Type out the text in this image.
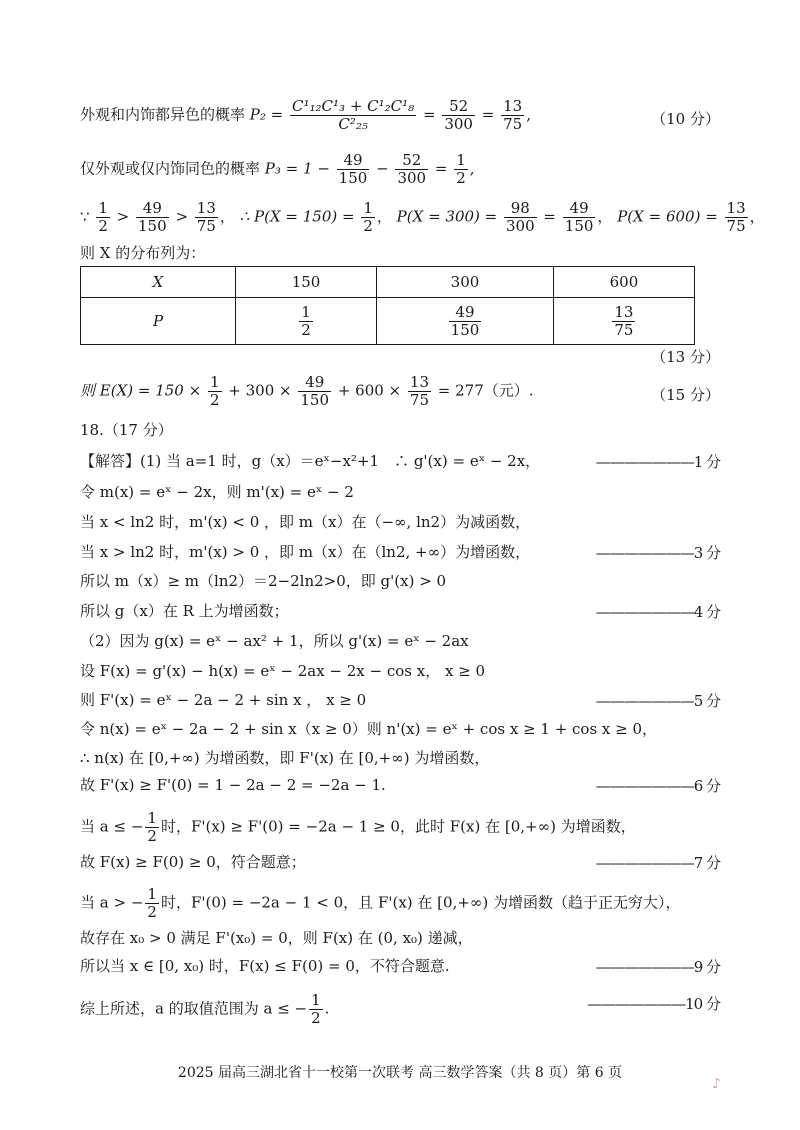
外观和内饰都异色的概率 $P_2 = \frac{\text{C¹₁₂C¹₃ + C¹₂C¹₈}}{\text{C²₂₅}} = \frac{52}{300} = \frac{13}{75}$ ,	（10 分）
仅外观或仅内饰同色的概率 $P_3 = 1 - \frac{49}{150} - \frac{52}{300} = \frac{1}{2}$ ,
∵ $\frac{1}{2} > \frac{49}{150} > \frac{13}{75}$ ， ∴ $P(X = 150) = \frac{1}{2}$ ， $P(X = 300) = \frac{98}{300} = \frac{49}{150}$ ， $P(X = 600) = \frac{13}{75}$ ，
则 X 的分布列为：
X	150	300	600
P	$\frac{1}{2}$	$\frac{49}{150}$	$\frac{13}{75}$
（13 分）
则 $E(X) = 150 \times \frac{1}{2} + 300 \times \frac{49}{150} + 600 \times \frac{13}{75} = 277$（元）.	（15 分）
18.（17 分）
【解答】(1) 当 a=1 时，g（x）＝eˣ−x²+1　∴ g'(x) = eˣ − 2x，	———————1 分
令 m(x) = eˣ − 2x，则 m'(x) = eˣ − 2
当 x < ln2 时，m'(x) < 0 ，即 m（x）在（−∞, ln2）为减函数，
当 x > ln2 时，m'(x) > 0 ，即 m（x）在（ln2, +∞）为增函数，	———————3 分
所以 m（x）≥ m（ln2）＝2−2ln2>0，即 g'(x) > 0
所以 g（x）在 R 上为增函数；	———————4 分
（2）因为 g(x) = eˣ − ax² + 1，所以 g'(x) = eˣ − 2ax
设 F(x) = g'(x) − h(x) = eˣ − 2ax − 2x − cos x， x ≥ 0
则 F'(x) = eˣ − 2a − 2 + sin x ， x ≥ 0	———————5 分
令 n(x) = eˣ − 2a − 2 + sin x（x ≥ 0）则 n'(x) = eˣ + cos x ≥ 1 + cos x ≥ 0，
∴ n(x) 在 [0,+∞) 为增函数，即 F'(x) 在 [0,+∞) 为增函数，
故 F'(x) ≥ F'(0) = 1 − 2a − 2 = −2a − 1.	———————6 分
当 a ≤ − $\frac{1}{2}$ 时，F'(x) ≥ F'(0) = −2a − 1 ≥ 0，此时 F(x) 在 [0,+∞) 为增函数，
故 F(x) ≥ F(0) ≥ 0，符合题意；	———————7 分
当 a > − $\frac{1}{2}$ 时，F'(0) = −2a − 1 < 0，且 F'(x) 在 [0,+∞) 为增函数（趋于正无穷大），
故存在 x₀ > 0 满足 F'(x₀) = 0，则 F(x) 在 (0, x₀) 递减，
所以当 x ∈ [0, x₀) 时，F(x) ≤ F(0) = 0，不符合题意.	———————9 分
综上所述，a 的取值范围为 a ≤ − $\frac{1}{2}$ .	———————10 分
2025 届高三湖北省十一校第一次联考 高三数学答案（共 8 页）第 6 页
♪
